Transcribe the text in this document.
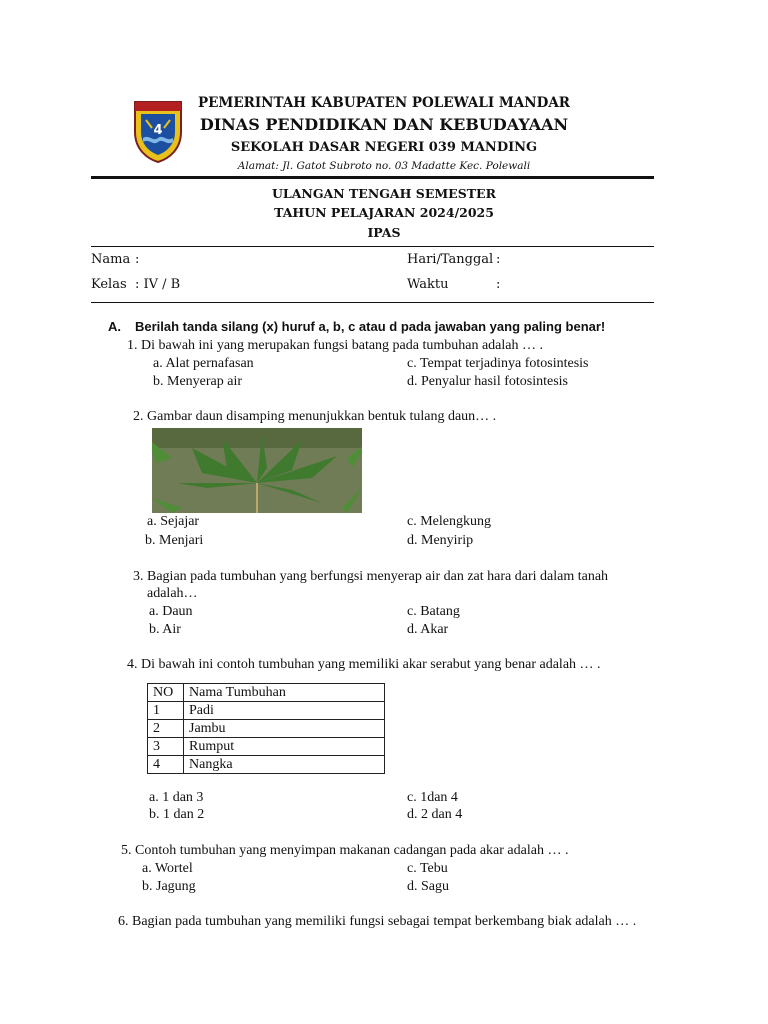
4
PEMERINTAH KABUPATEN POLEWALI MANDAR
DINAS PENDIDIKAN DAN KEBUDAYAAN
SEKOLAH DASAR NEGERI 039 MANDING
Alamat: Jl. Gatot Subroto no. 03 Madatte Kec. Polewali
ULANGAN TENGAH SEMESTER
TAHUN PELAJARAN 2024/2025
IPAS
Nama :	Hari/Tanggal :
Kelas : IV / B	Waktu	:
A. Berilah tanda silang (x) huruf a, b, c atau d pada jawaban yang paling benar!
1. Di bawah ini yang merupakan fungsi batang pada tumbuhan adalah … .
a. Alat pernafasan
b. Menyerap air
c. Tempat terjadinya fotosintesis
d. Penyalur hasil fotosintesis
2. Gambar daun disamping menunjukkan bentuk tulang daun… .
a. Sejajar
b. Menjari
c. Melengkung
d. Menyirip
3. Bagian pada tumbuhan yang berfungsi menyerap air dan zat hara dari dalam tanah
adalah…
a. Daun
b. Air
c. Batang
d. Akar
4. Di bawah ini contoh tumbuhan yang memiliki akar serabut yang benar adalah … .
NO	Nama Tumbuhan
1	Padi
2	Jambu
3	Rumput
4	Nangka
a. 1 dan 3
b. 1 dan 2
c. 1dan 4
d. 2 dan 4
5. Contoh tumbuhan yang menyimpan makanan cadangan pada akar adalah … .
a. Wortel
b. Jagung
c. Tebu
d. Sagu
6. Bagian pada tumbuhan yang memiliki fungsi sebagai tempat berkembang biak adalah … .
